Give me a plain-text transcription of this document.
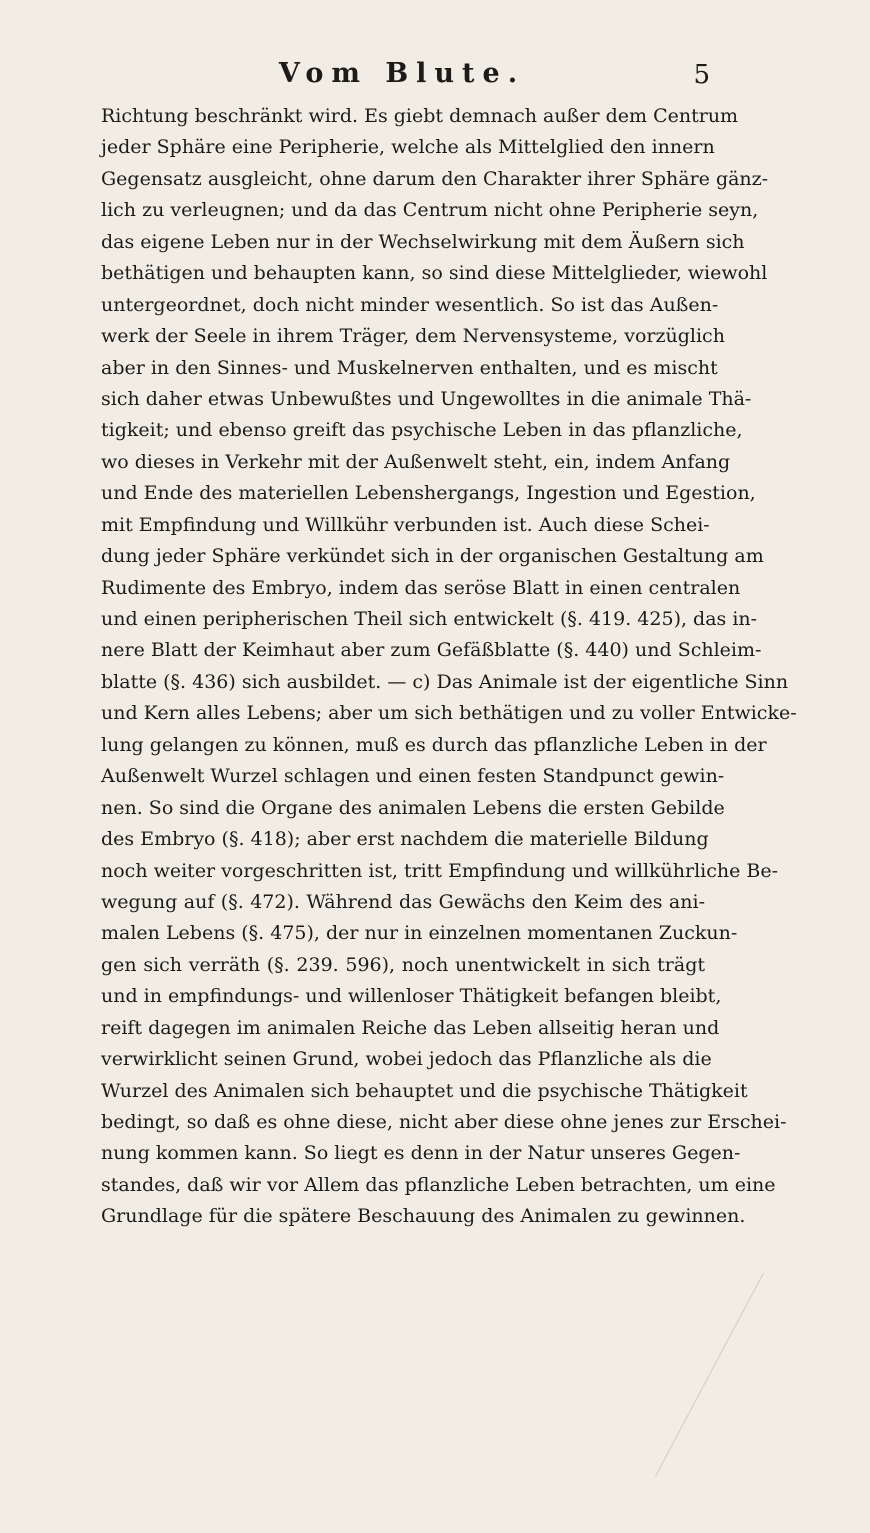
Vom Blute.	5
Richtung beschränkt wird. Es giebt demnach außer dem Centrum
jeder Sphäre eine Peripherie, welche als Mittelglied den innern
Gegensatz ausgleicht, ohne darum den Charakter ihrer Sphäre gänz-
lich zu verleugnen; und da das Centrum nicht ohne Peripherie seyn,
das eigene Leben nur in der Wechselwirkung mit dem Äußern sich
bethätigen und behaupten kann, so sind diese Mittelglieder, wiewohl
untergeordnet, doch nicht minder wesentlich. So ist das Außen-
werk der Seele in ihrem Träger, dem Nervensysteme, vorzüglich
aber in den Sinnes- und Muskelnerven enthalten, und es mischt
sich daher etwas Unbewußtes und Ungewolltes in die animale Thä-
tigkeit; und ebenso greift das psychische Leben in das pflanzliche,
wo dieses in Verkehr mit der Außenwelt steht, ein, indem Anfang
und Ende des materiellen Lebenshergangs, Ingestion und Egestion,
mit Empfindung und Willkühr verbunden ist. Auch diese Schei-
dung jeder Sphäre verkündet sich in der organischen Gestaltung am
Rudimente des Embryo, indem das seröse Blatt in einen centralen
und einen peripherischen Theil sich entwickelt (§. 419. 425), das in-
nere Blatt der Keimhaut aber zum Gefäßblatte (§. 440) und Schleim-
blatte (§. 436) sich ausbildet. — c) Das Animale ist der eigentliche Sinn
und Kern alles Lebens; aber um sich bethätigen und zu voller Entwicke-
lung gelangen zu können, muß es durch das pflanzliche Leben in der
Außenwelt Wurzel schlagen und einen festen Standpunct gewin-
nen. So sind die Organe des animalen Lebens die ersten Gebilde
des Embryo (§. 418); aber erst nachdem die materielle Bildung
noch weiter vorgeschritten ist, tritt Empfindung und willkührliche Be-
wegung auf (§. 472). Während das Gewächs den Keim des ani-
malen Lebens (§. 475), der nur in einzelnen momentanen Zuckun-
gen sich verräth (§. 239. 596), noch unentwickelt in sich trägt
und in empfindungs- und willenloser Thätigkeit befangen bleibt,
reift dagegen im animalen Reiche das Leben allseitig heran und
verwirklicht seinen Grund, wobei jedoch das Pflanzliche als die
Wurzel des Animalen sich behauptet und die psychische Thätigkeit
bedingt, so daß es ohne diese, nicht aber diese ohne jenes zur Erschei-
nung kommen kann. So liegt es denn in der Natur unseres Gegen-
standes, daß wir vor Allem das pflanzliche Leben betrachten, um eine
Grundlage für die spätere Beschauung des Animalen zu gewinnen.
